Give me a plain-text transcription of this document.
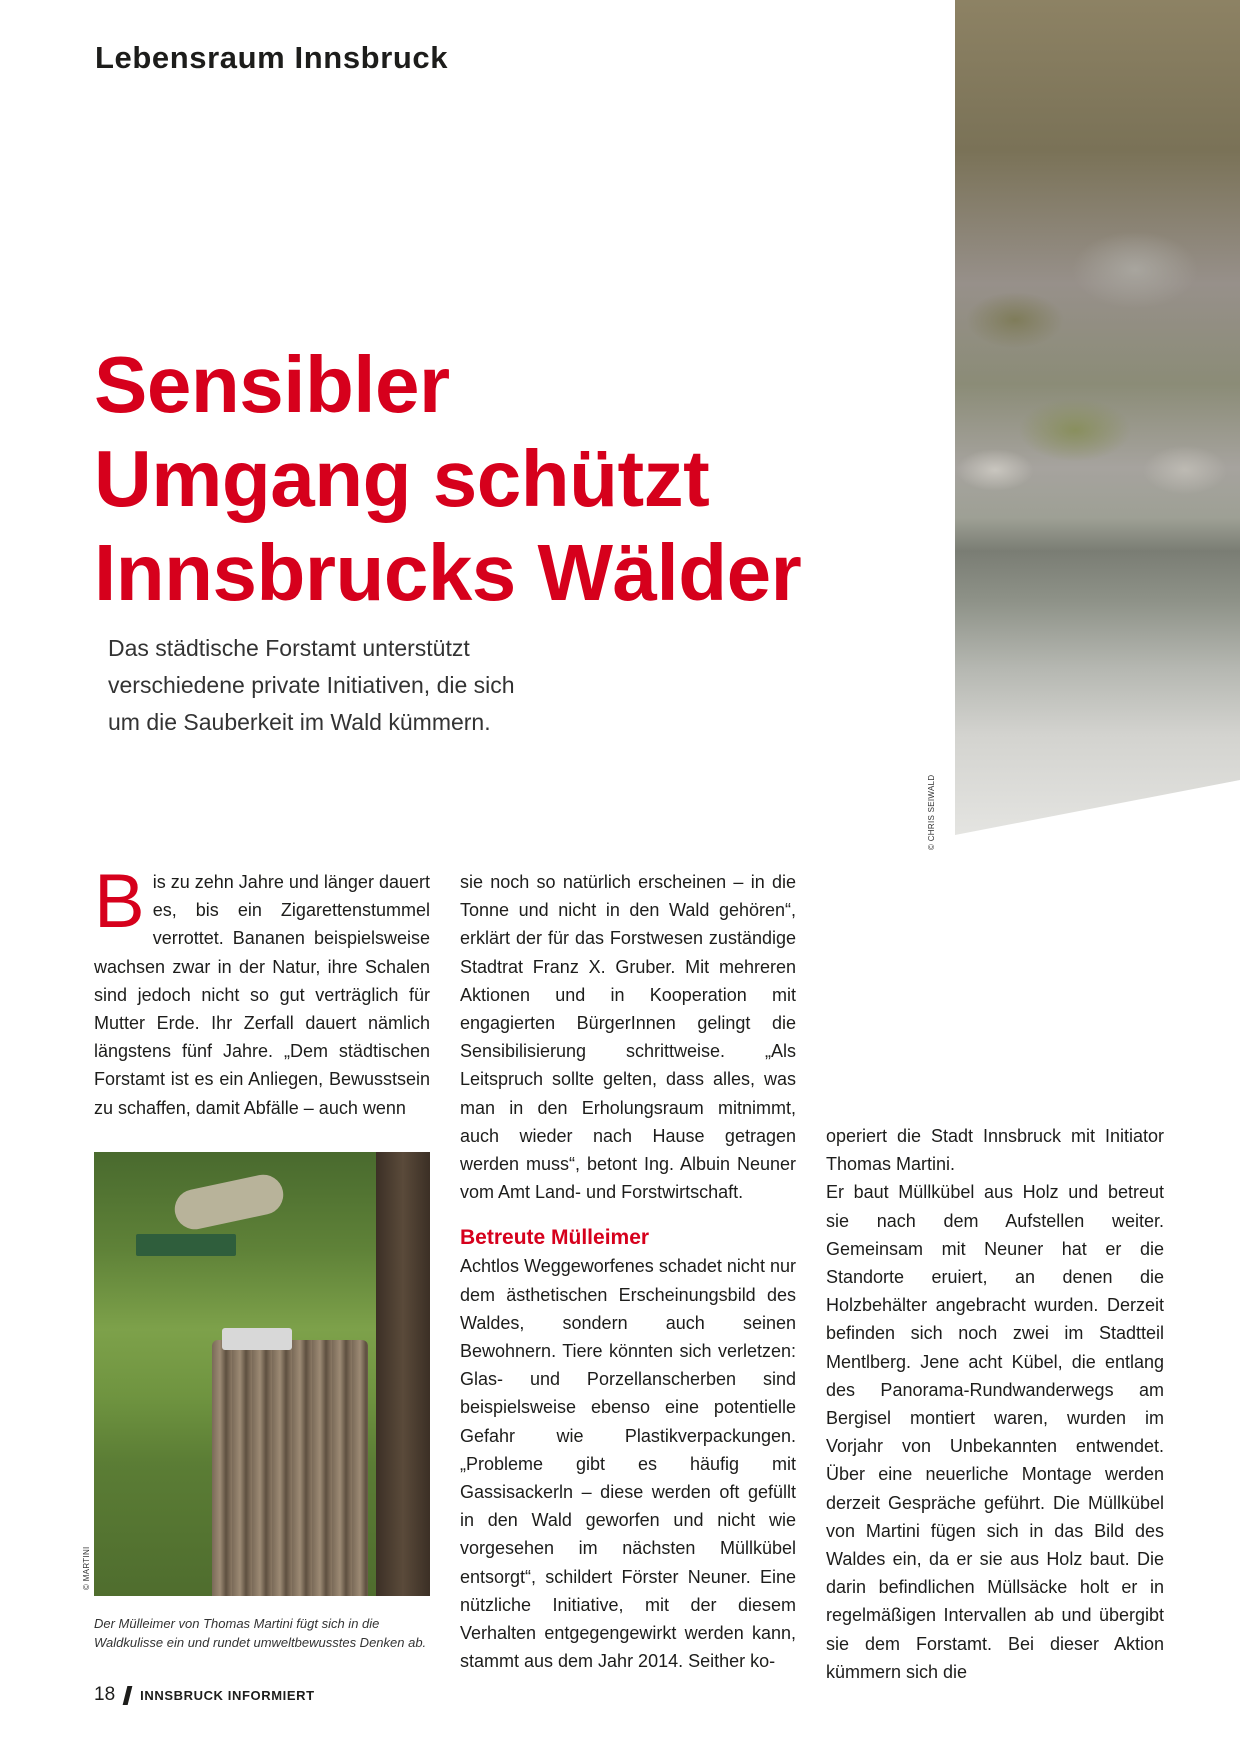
Lebensraum Innsbruck
© CHRIS SEIWALD
Sensibler
Umgang schützt
Innsbrucks Wälder

Das städtische Forstamt unterstützt
verschiedene private Initiativen, die sich
um die Sauberkeit im Wald kümmern.

Bis zu zehn Jahre und länger dauert es, bis ein Zigarettenstummel verrottet. Bananen beispielsweise wachsen zwar in der Natur, ihre Schalen sind jedoch nicht so gut verträglich für Mutter Erde. Ihr Zerfall dauert nämlich längstens fünf Jahre. „Dem städtischen Forstamt ist es ein Anliegen, Bewusstsein zu schaffen, damit Abfälle – auch wenn

© MARTINI

Der Mülleimer von Thomas Martini fügt sich in die Waldkulisse ein und rundet umweltbewusstes Denken ab.

sie noch so natürlich erscheinen – in die Tonne und nicht in den Wald gehören“, erklärt der für das Forstwesen zuständige Stadtrat Franz X. Gruber. Mit mehreren Aktionen und in Kooperation mit engagierten BürgerInnen gelingt die Sensibilisierung schrittweise. „Als Leitspruch sollte gelten, dass alles, was man in den Erholungsraum mitnimmt, auch wieder nach Hause getragen werden muss“, betont Ing. Albuin Neuner vom Amt Land- und Forstwirtschaft.

Betreute Mülleimer

Achtlos Weggeworfenes schadet nicht nur dem ästhetischen Erscheinungsbild des Waldes, sondern auch seinen Bewohnern. Tiere könnten sich verletzen: Glas- und Porzellanscherben sind beispielsweise ebenso eine potentielle Gefahr wie Plastikverpackungen. „Probleme gibt es häufig mit Gassisackerln – diese werden oft gefüllt in den Wald geworfen und nicht wie vorgesehen im nächsten Müllkübel entsorgt“, schildert Förster Neuner. Eine nützliche Initiative, mit der diesem Verhalten entgegengewirkt werden kann, stammt aus dem Jahr 2014. Seither ko-

operiert die Stadt Innsbruck mit Initiator Thomas Martini.

Er baut Müllkübel aus Holz und betreut sie nach dem Aufstellen weiter. Gemeinsam mit Neuner hat er die Standorte eruiert, an denen die Holzbehälter angebracht wurden. Derzeit befinden sich noch zwei im Stadtteil Mentlberg. Jene acht Kübel, die entlang des Panorama-Rundwanderwegs am Bergisel montiert waren, wurden im Vorjahr von Unbekannten entwendet. Über eine neuerliche Montage werden derzeit Gespräche geführt. Die Müllkübel von Martini fügen sich in das Bild des Waldes ein, da er sie aus Holz baut. Die darin befindlichen Müllsäcke holt er in regelmäßigen Intervallen ab und übergibt sie dem Forstamt. Bei dieser Aktion kümmern sich die

18 INNSBRUCK INFORMIERT
